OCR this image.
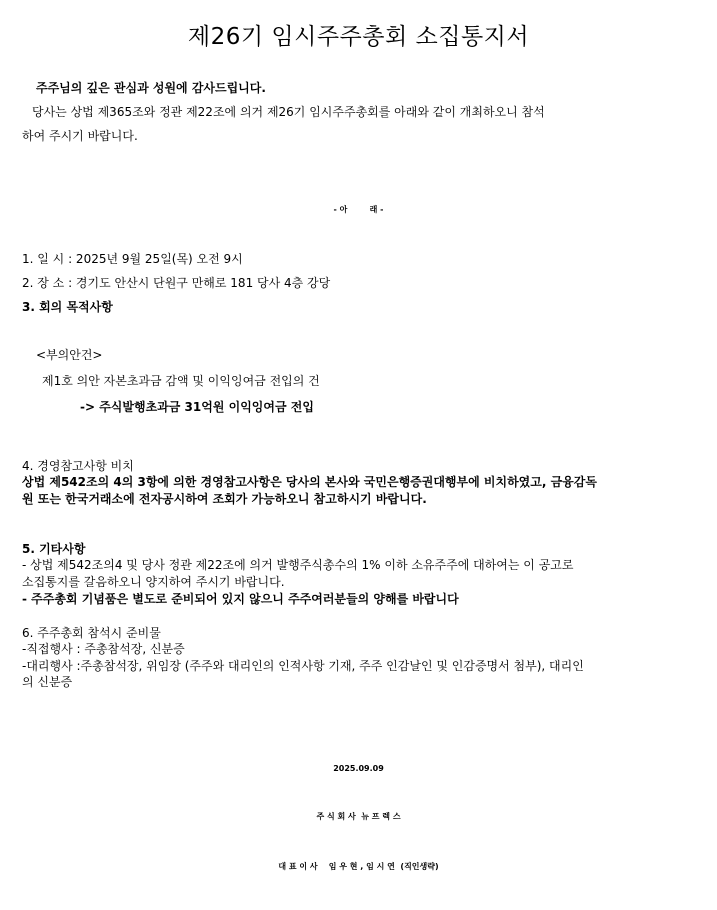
제26기 임시주주총회 소집통지서
주주님의 깊은 관심과 성원에 감사드립니다.
당사는 상법 제365조와 정관 제22조에 의거 제26기 임시주주총회를 아래와 같이 개최하오니 참석
하여 주시기 바랍니다.
- 아        래 -
1. 일 시 : 2025년 9월 25일(목) 오전 9시
2. 장 소 : 경기도 안산시 단원구 만해로 181 당사 4층 강당
3. 회의 목적사항
<부의안건>
제1호 의안 자본초과금 감액 및 이익잉여금 전입의 건
-> 주식발행초과금 31억원 이익잉여금 전입
4. 경영참고사항 비치
상법 제542조의 4의 3항에 의한 경영참고사항은 당사의 본사와 국민은행증권대행부에 비치하였고, 금융감독
원 또는 한국거래소에 전자공시하여 조회가 가능하오니 참고하시기 바랍니다.
5. 기타사항
- 상법 제542조의4 및 당사 정관 제22조에 의거 발행주식총수의 1% 이하 소유주주에 대하여는 이 공고로
소집통지를 갈음하오니 양지하여 주시기 바랍니다.
- 주주총회 기념품은 별도로 준비되어 있지 않으니 주주여러분들의 양해를 바랍니다
6. 주주총회 참석시 준비물
-직접행사 : 주총참석장, 신분증
-대리행사 :주총참석장, 위임장 (주주와 대리인의 인적사항 기재, 주주 인감날인 및 인감증명서 첨부), 대리인
의 신분증
2025.09.09
주 식 회 사  뉴 프 렉 스
대 표 이 사    임 우 현 , 임 시 연  (직인생략)
